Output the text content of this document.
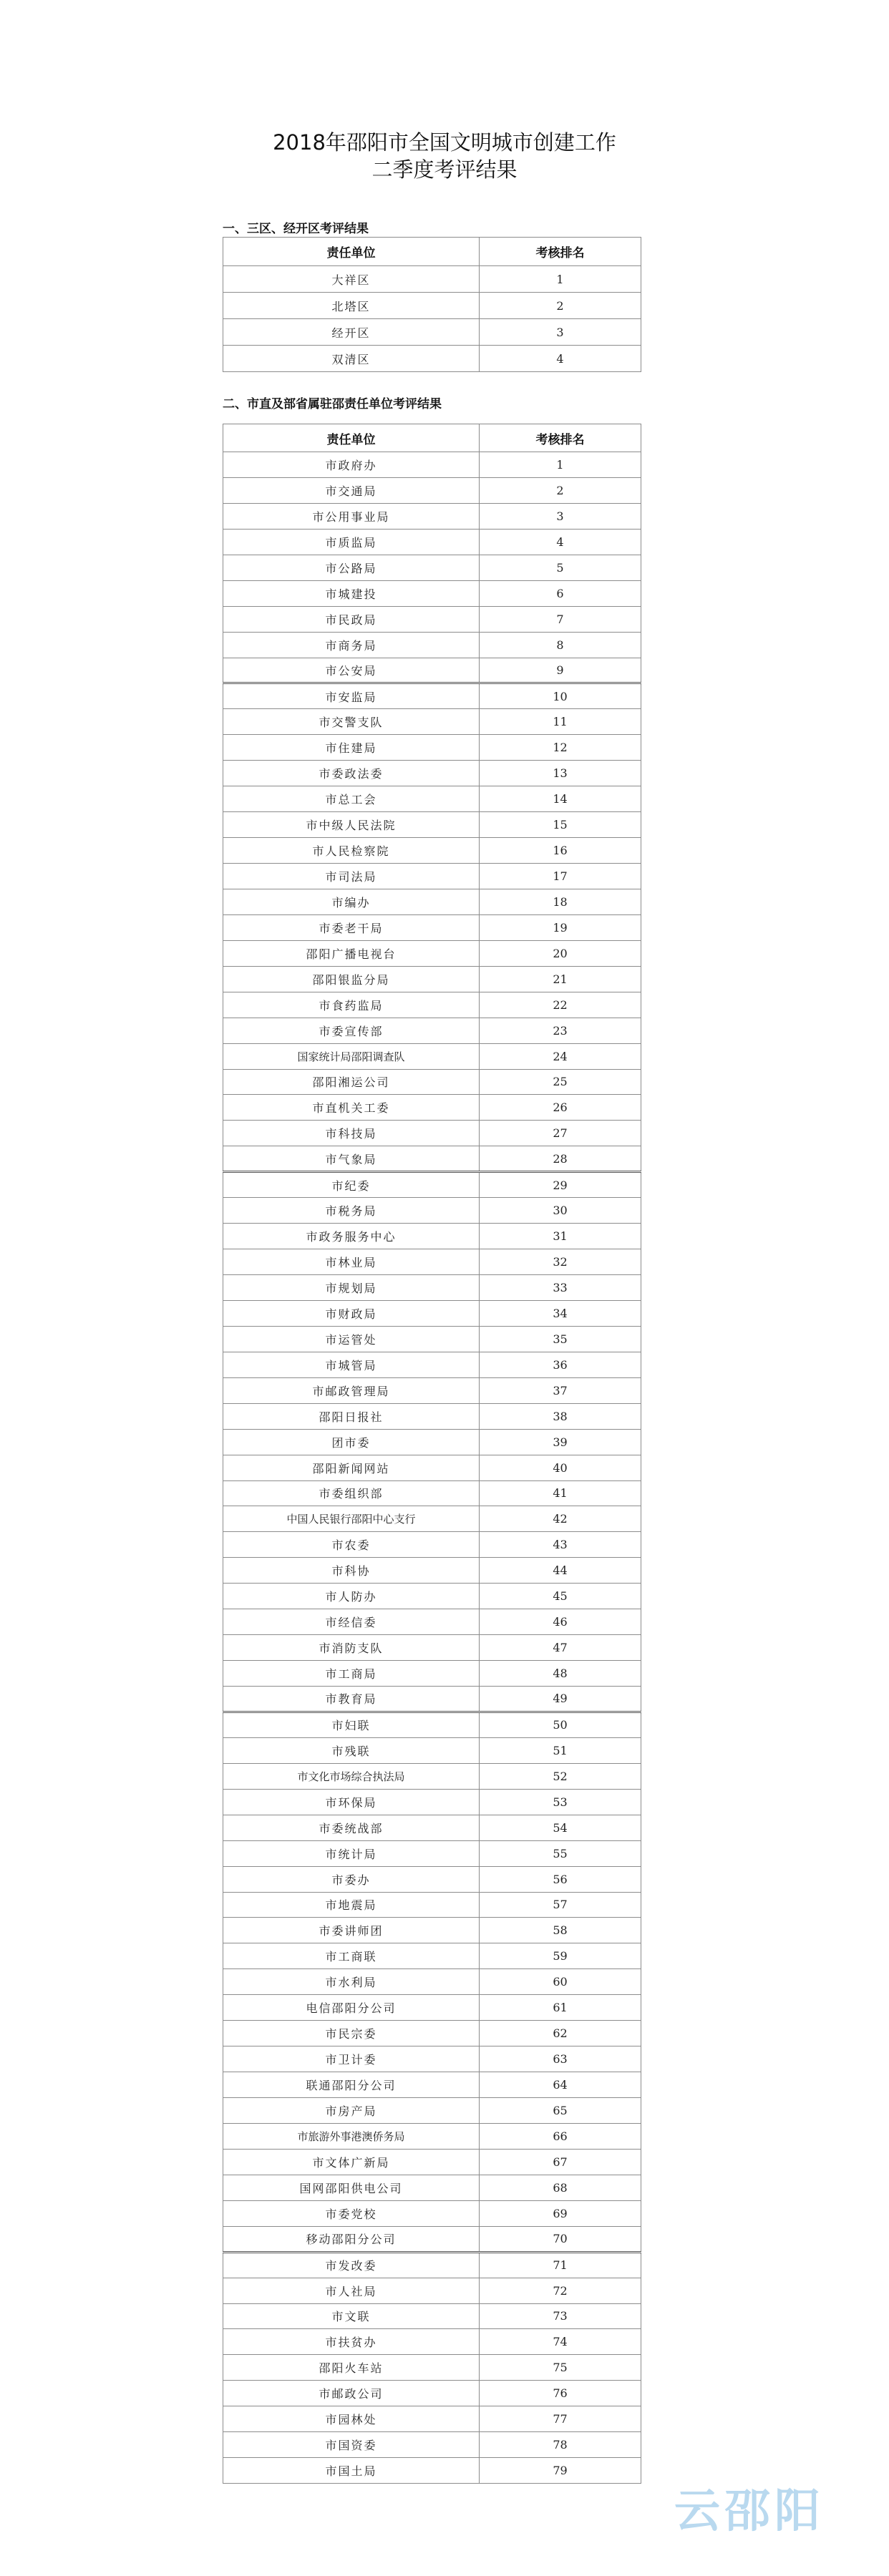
2018年邵阳市全国文明城市创建工作
二季度考评结果
一、三区、经开区考评结果
责任单位	考核排名
大祥区	1
北塔区	2
经开区	3
双清区	4
二、市直及部省属驻邵责任单位考评结果
责任单位	考核排名
市政府办	1
市交通局	2
市公用事业局	3
市质监局	4
市公路局	5
市城建投	6
市民政局	7
市商务局	8
市公安局	9
市安监局	10
市交警支队	11
市住建局	12
市委政法委	13
市总工会	14
市中级人民法院	15
市人民检察院	16
市司法局	17
市编办	18
市委老干局	19
邵阳广播电视台	20
邵阳银监分局	21
市食药监局	22
市委宣传部	23
国家统计局邵阳调查队	24
邵阳湘运公司	25
市直机关工委	26
市科技局	27
市气象局	28
市纪委	29
市税务局	30
市政务服务中心	31
市林业局	32
市规划局	33
市财政局	34
市运管处	35
市城管局	36
市邮政管理局	37
邵阳日报社	38
团市委	39
邵阳新闻网站	40
市委组织部	41
中国人民银行邵阳中心支行	42
市农委	43
市科协	44
市人防办	45
市经信委	46
市消防支队	47
市工商局	48
市教育局	49
市妇联	50
市残联	51
市文化市场综合执法局	52
市环保局	53
市委统战部	54
市统计局	55
市委办	56
市地震局	57
市委讲师团	58
市工商联	59
市水利局	60
电信邵阳分公司	61
市民宗委	62
市卫计委	63
联通邵阳分公司	64
市房产局	65
市旅游外事港澳侨务局	66
市文体广新局	67
国网邵阳供电公司	68
市委党校	69
移动邵阳分公司	70
市发改委	71
市人社局	72
市文联	73
市扶贫办	74
邵阳火车站	75
市邮政公司	76
市园林处	77
市国资委	78
市国土局	79
云邵阳
